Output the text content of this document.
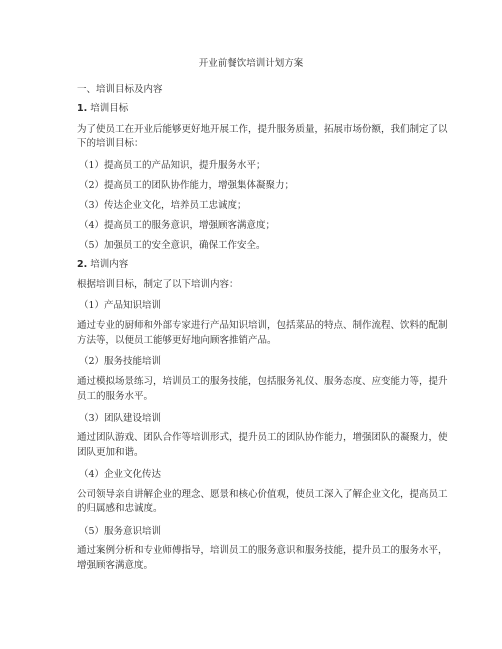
开业前餐饮培训计划方案
一、培训目标及内容
1. 培训目标
为了使员工在开业后能够更好地开展工作，提升服务质量，拓展市场份额，我们制定了以
下的培训目标：
（1）提高员工的产品知识，提升服务水平；
（2）提高员工的团队协作能力，增强集体凝聚力；
（3）传达企业文化，培养员工忠诚度；
（4）提高员工的服务意识，增强顾客满意度；
（5）加强员工的安全意识，确保工作安全。
2. 培训内容
根据培训目标，制定了以下培训内容：
（1）产品知识培训
通过专业的厨师和外部专家进行产品知识培训，包括菜品的特点、制作流程、饮料的配制
方法等，以便员工能够更好地向顾客推销产品。
（2）服务技能培训
通过模拟场景练习，培训员工的服务技能，包括服务礼仪、服务态度、应变能力等，提升
员工的服务水平。
（3）团队建设培训
通过团队游戏、团队合作等培训形式，提升员工的团队协作能力，增强团队的凝聚力，使
团队更加和谐。
（4）企业文化传达
公司领导亲自讲解企业的理念、愿景和核心价值观，使员工深入了解企业文化，提高员工
的归属感和忠诚度。
（5）服务意识培训
通过案例分析和专业师傅指导，培训员工的服务意识和服务技能，提升员工的服务水平，
增强顾客满意度。
